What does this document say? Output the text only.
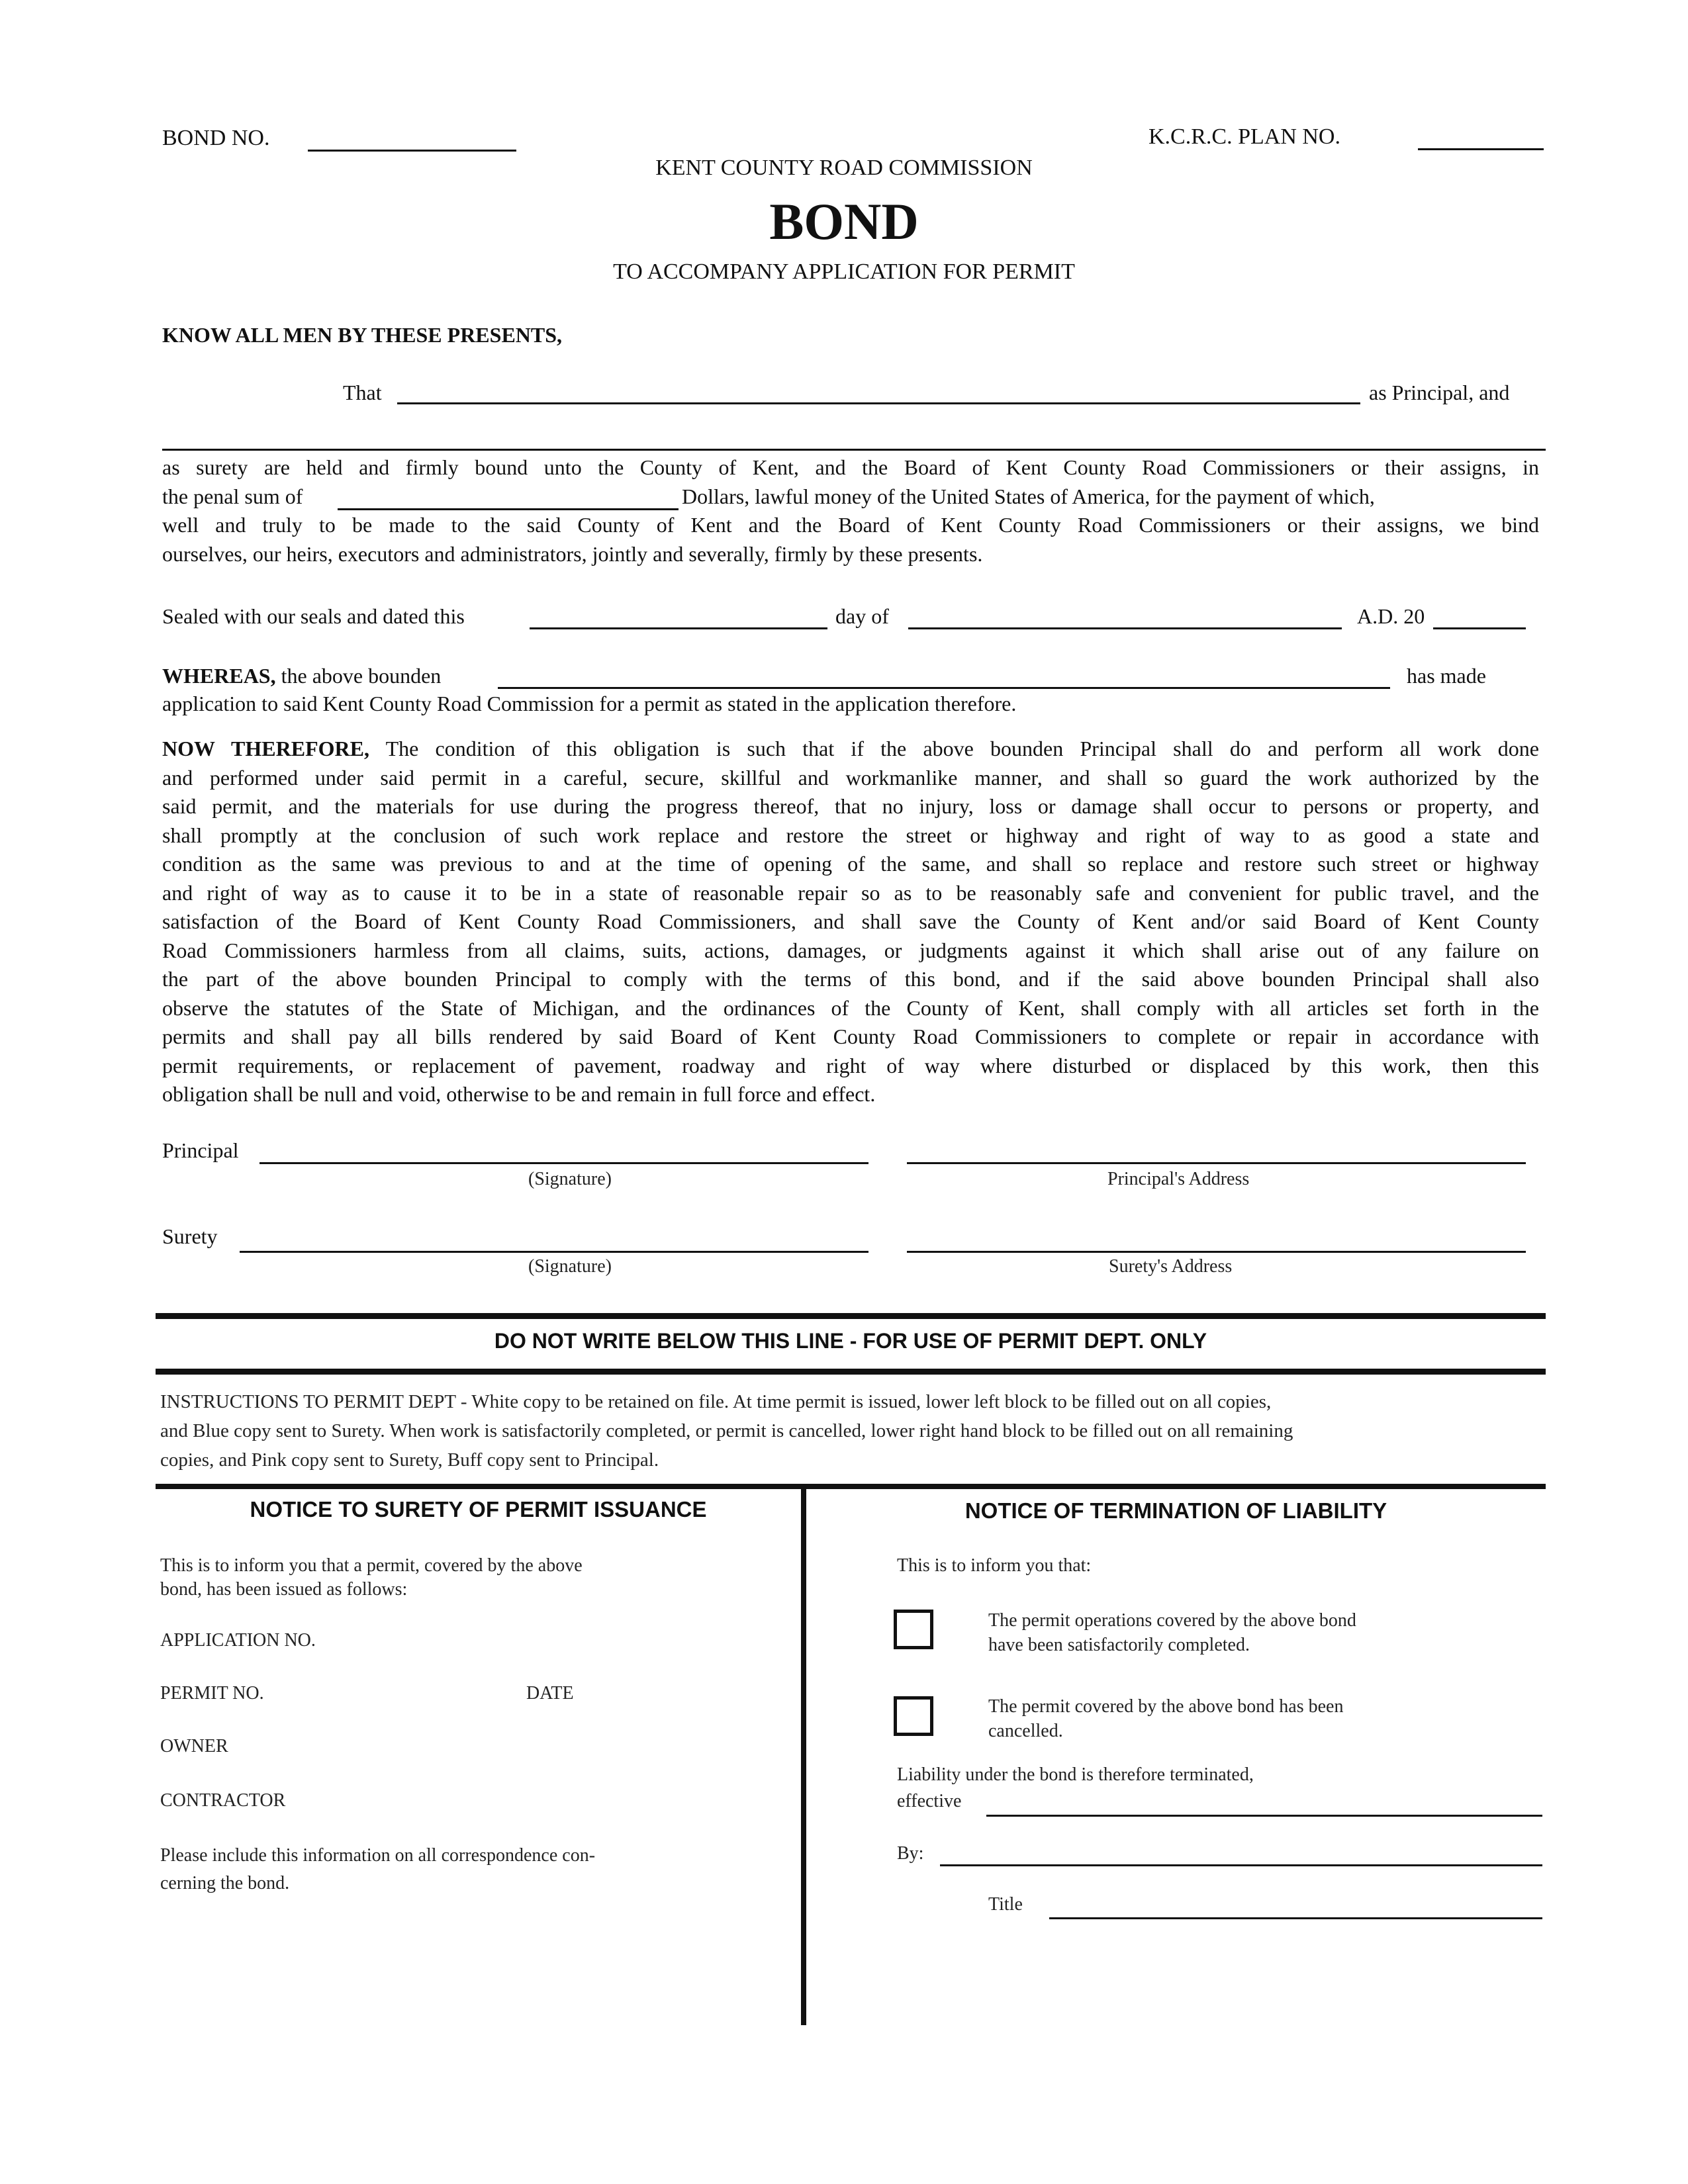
BOND NO.	K.C.R.C. PLAN NO.
KENT COUNTY ROAD COMMISSION
BOND
TO ACCOMPANY APPLICATION FOR PERMIT
KNOW ALL MEN BY THESE PRESENTS,
That	as Principal, and
as surety are held and firmly bound unto the County of Kent, and the Board of Kent County Road Commissioners or their assigns, in
the penal sum of	Dollars, lawful money of the United States of America, for the payment of which,
well and truly to be made to the said County of Kent and the Board of Kent County Road Commissioners or their assigns, we bind
ourselves, our heirs, executors and administrators, jointly and severally, firmly by these presents.
Sealed with our seals and dated this	day of	A.D. 20
WHEREAS, the above bounden	has made
application to said Kent County Road Commission for a permit as stated in the application therefore.
NOW THEREFORE, The condition of this obligation is such that if the above bounden Principal shall do and perform all work done
and performed under said permit in a careful, secure, skillful and workmanlike manner, and shall so guard the work authorized by the
said permit, and the materials for use during the progress thereof, that no injury, loss or damage shall occur to persons or property, and
shall promptly at the conclusion of such work replace and restore the street or highway and right of way to as good a state and
condition as the same was previous to and at the time of opening of the same, and shall so replace and restore such street or highway
and right of way as to cause it to be in a state of reasonable repair so as to be reasonably safe and convenient for public travel, and the
satisfaction of the Board of Kent County Road Commissioners, and shall save the County of Kent and/or said Board of Kent County
Road Commissioners harmless from all claims, suits, actions, damages, or judgments against it which shall arise out of any failure on
the part of the above bounden Principal to comply with the terms of this bond, and if the said above bounden Principal shall also
observe the statutes of the State of Michigan, and the ordinances of the County of Kent, shall comply with all articles set forth in the
permits and shall pay all bills rendered by said Board of Kent County Road Commissioners to complete or repair in accordance with
permit requirements, or replacement of pavement, roadway and right of way where disturbed or displaced by this work, then this
obligation shall be null and void, otherwise to be and remain in full force and effect.
Principal
(Signature)	Principal's Address
Surety
(Signature)	Surety's Address
DO NOT WRITE BELOW THIS LINE - FOR USE OF PERMIT DEPT. ONLY
INSTRUCTIONS TO PERMIT DEPT - White copy to be retained on file. At time permit is issued, lower left block to be filled out on all copies,
and Blue copy sent to Surety. When work is satisfactorily completed, or permit is cancelled, lower right hand block to be filled out on all remaining
copies, and Pink copy sent to Surety, Buff copy sent to Principal.
NOTICE TO SURETY OF PERMIT ISSUANCE
This is to inform you that a permit, covered by the above
bond, has been issued as follows:
APPLICATION NO.
PERMIT NO.	DATE
OWNER
CONTRACTOR
Please include this information on all correspondence con-
cerning the bond.
NOTICE OF TERMINATION OF LIABILITY
This is to inform you that:
The permit operations covered by the above bond
have been satisfactorily completed.
The permit covered by the above bond has been
cancelled.
Liability under the bond is therefore terminated,
effective
By:
Title
